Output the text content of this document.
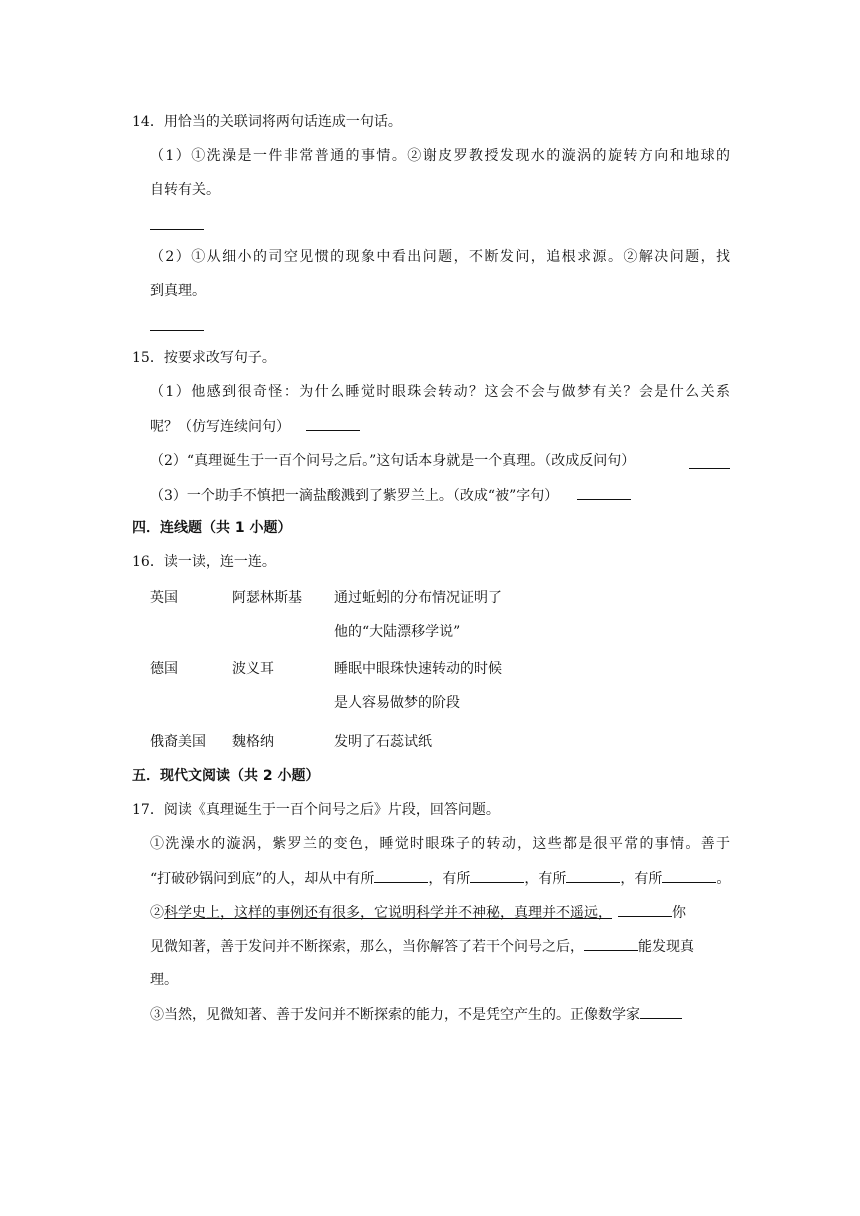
14．用恰当的关联词将两句话连成一句话。
（1）①洗澡是一件非常普通的事情。②谢皮罗教授发现水的漩涡的旋转方向和地球的
自转有关。
（2）①从细小的司空见惯的现象中看出问题，不断发问，追根求源。②解决问题，找
到真理。
15．按要求改写句子。
（1）他感到很奇怪：为什么睡觉时眼珠会转动？这会不会与做梦有关？会是什么关系
呢？（仿写连续问句）
（2）“真理诞生于一百个问号之后。”这句话本身就是一个真理。（改成反问句）
（3）一个助手不慎把一滴盐酸溅到了紫罗兰上。（改成“被”字句）
四．连线题（共 1 小题）
16．读一读，连一连。
英国	阿瑟林斯基 通过蚯蚓的分布情况证明了
他的“大陆漂移学说”
德国	波义耳	睡眠中眼珠快速转动的时候
是人容易做梦的阶段
俄裔美国 魏格纳	发明了石蕊试纸
五．现代文阅读（共 2 小题）
17．阅读《真理诞生于一百个问号之后》片段，回答问题。
①洗澡水的漩涡，紫罗兰的变色，睡觉时眼珠子的转动，这些都是很平常的事情。善于
“打破砂锅问到底”的人，却从中有所	，有所	，有所	，有所	。
②科学史上，这样的事例还有很多，它说明科学并不神秘，真理并不遥远，	你
见微知著，善于发问并不断探索，那么，当你解答了若干个问号之后，	能发现真
理。
③当然，见微知著、善于发问并不断探索的能力，不是凭空产生的。正像数学家
